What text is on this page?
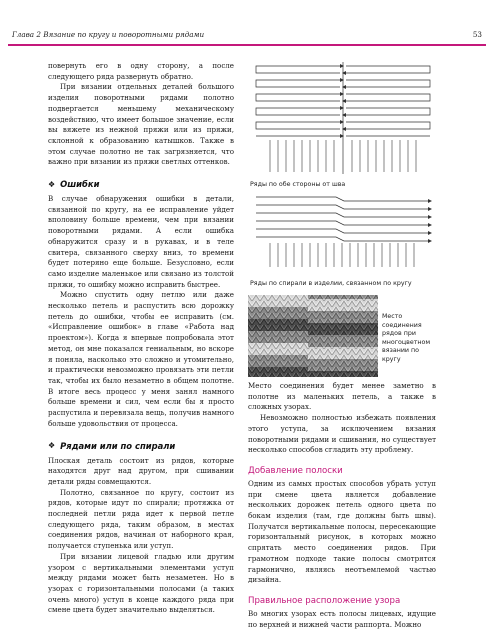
Глава 2 Вязание по кругу и поворотными рядами	53

повернуть его в одну сторону, а после следующего ряда развернуть обратно.

При вязании отдельных деталей большого изделия поворотными рядами полотно подвергается меньшему механическому воздействию, что имеет большое значение, если вы вяжете из нежной пряжи или из пряжи, склонной к образованию катышков. Также в этом случае полотно не так загрязняется, что важно при вязании из пряжи светлых оттенков.

❖ Ошибки

В случае обнаружения ошибки в детали, связанной по кругу, на ее исправление уйдет вполовину больше времени, чем при вязании поворотными рядами. А если ошибка обнаружится сразу и в рукавах, и в теле свитера, связанного сверху вниз, то времени будет потеряно еще больше. Безусловно, если само изделие маленькое или связано из толстой пряжи, то ошибку можно исправить быстрее.

Можно спустить одну петлю или даже несколько петель и распустить всю дорожку петель до ошибки, чтобы ее исправить (см. «Исправление ошибок» в главе «Работа над проектом»). Когда я впервые попробовала этот метод, он мне показался гениальным, но вскоре я поняла, насколько это сложно и утомительно, и практически невозможно провязать эти петли так, чтобы их было незаметно в общем полотне. В итоге весь процесс у меня занял намного больше времени и сил, чем если бы я просто распустила и перевязала вещь, получив намного больше удовольствия от процесса.

❖ Рядами или по спирали

Плоская деталь состоит из рядов, которые находятся друг над другом, при сшивании детали ряды совмещаются.

Полотно, связанное по кругу, состоит из рядов, которые идут по спирали; протяжка от последней петли ряда идет к первой петле следующего ряда, таким образом, в местах соединения рядов, начиная от наборного края, получается ступенька или уступ.

При вязании лицевой гладью или другим узором с вертикальными элементами уступ между рядами может быть незаметен. Но в узорах с горизонтальными полосами (а таких очень много) уступ в конце каждого ряда при смене цвета будет значительно выделяться.

Ряды по обе стороны от шва
Ряды по спирали в изделии, связанном по кругу
Место соединения рядов при многоцветном вязании по кругу

Место соединения будет менее заметно в полотне из маленьких петель, а также в сложных узорах.

Невозможно полностью избежать появления этого уступа, за исключением вязания поворотными рядами и сшивания, но существует несколько способов сгладить эту проблему.

Добавление полоски

Одним из самых простых способов убрать уступ при смене цвета является добавление нескольких дорожек петель одного цвета по бокам изделия (там, где должны быть швы). Получатся вертикальные полосы, пересекающие горизонтальный рисунок, в которых можно спрятать место соединения рядов. При грамотном подходе такие полосы смотрятся гармонично, являясь неотъемлемой частью дизайна.

Правильное расположение узора

Во многих узорах есть полосы лицевых, идущие по верхней и нижней части раппорта. Можно
